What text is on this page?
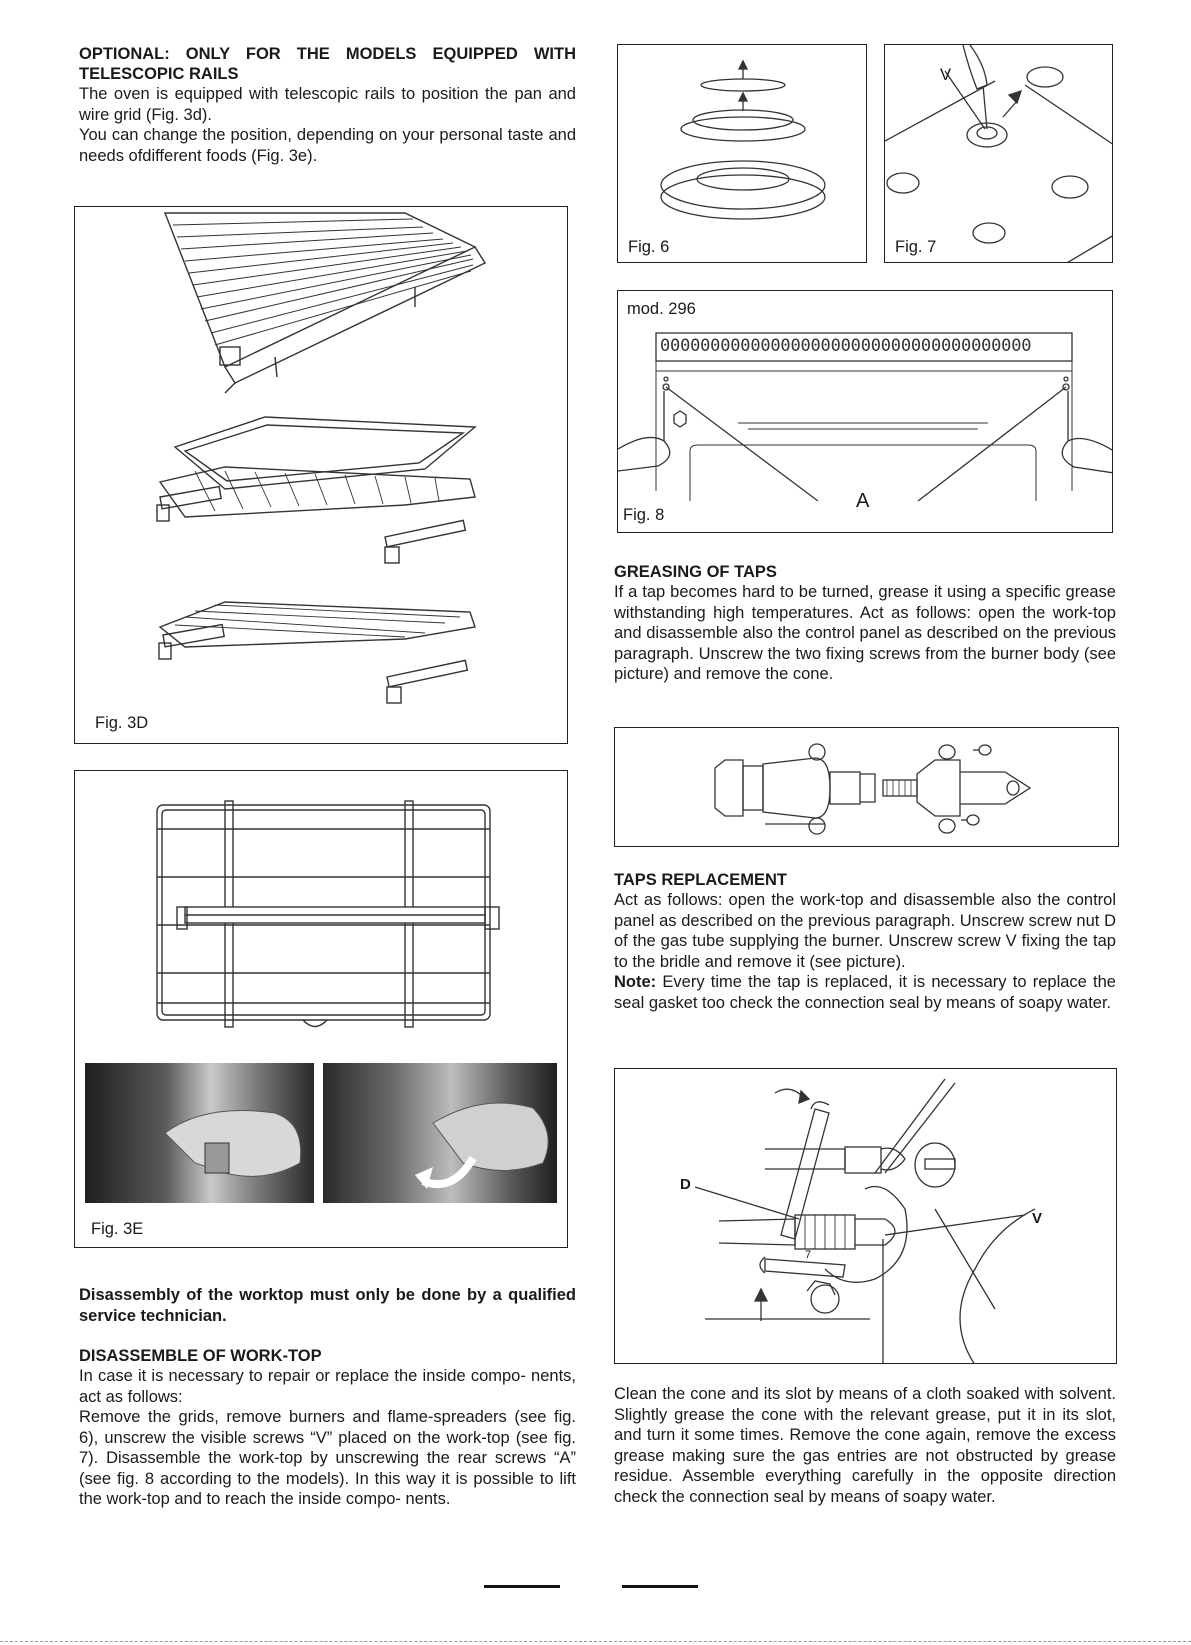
OPTIONAL: ONLY FOR THE MODELS EQUIPPED WITH TELESCOPIC RAILS

The oven is equipped with telescopic rails to position the pan and wire grid (Fig. 3d).

You can change the position, depending on your personal taste and needs ofdifferent foods (Fig. 3e).

Fig. 3D
Fig. 3E

Disassembly of the worktop must only be done by a qualified service technician.

DISASSEMBLE OF WORK-TOP

In case it is necessary to repair or replace the inside compo- nents, act as follows:

Remove the grids, remove burners and flame-spreaders (see fig. 6), unscrew the visible screws “V” placed on the work-top (see fig. 7). Disassemble the work-top by unscrewing the rear screws “A” (see fig. 8 according to the models). In this way it is possible to lift the work-top and to reach the inside compo- nents.

Fig. 6
V
Fig. 7
mod. 296
0000000000000000000000000000000000000
A
Fig. 8
GREASING OF TAPS

If a tap becomes hard to be turned, grease it using a specific grease withstanding high temperatures. Act as follows: open the work-top and disassemble also the control panel as described on the previous paragraph. Unscrew the two fixing screws from the burner body (see picture) and remove the cone.

TAPS REPLACEMENT

Act as follows: open the work-top and disassemble also the control panel as described on the previous paragraph. Unscrew screw nut D of the gas tube supplying the burner. Unscrew screw V fixing the tap to the bridle and remove it (see picture).

Note: Every time the tap is replaced, it is necessary to replace the seal gasket too check the connection seal by means of soapy water.

D
V
7

Clean the cone and its slot by means of a cloth soaked with solvent. Slightly grease the cone with the relevant grease, put it in its slot, and turn it some times. Remove the cone again, remove the excess grease making sure the gas entries are not obstructed by grease residue. Assemble everything carefully in the opposite direction check the connection seal by means of soapy water.
